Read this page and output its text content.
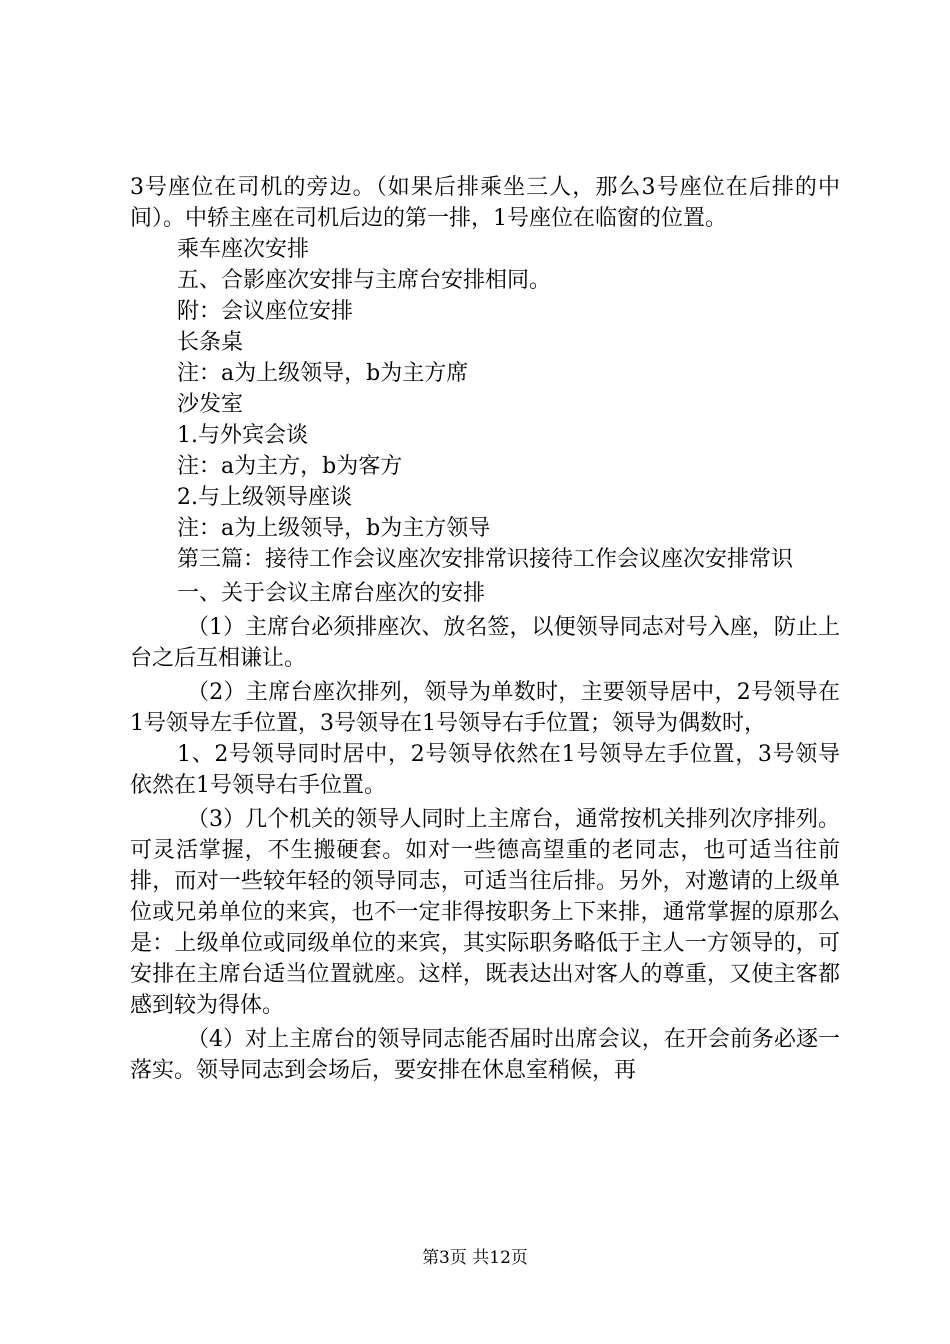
3号座位在司机的旁边。（如果后排乘坐三人，那么3号座位在后排的中间）。中轿主座在司机后边的第一排，1号座位在临窗的位置。

乘车座次安排

五、合影座次安排与主席台安排相同。

附：会议座位安排

长条桌

注：a为上级领导，b为主方席

沙发室

1.与外宾会谈

注：a为主方，b为客方

2.与上级领导座谈

注：a为上级领导，b为主方领导

第三篇：接待工作会议座次安排常识接待工作会议座次安排常识

一、关于会议主席台座次的安排

（1）主席台必须排座次、放名签，以便领导同志对号入座，防止上台之后互相谦让。

（2）主席台座次排列，领导为单数时，主要领导居中，2号领导在1号领导左手位置，3号领导在1号领导右手位置；领导为偶数时，

1、2号领导同时居中，2号领导依然在1号领导左手位置，3号领导依然在1号领导右手位置。

（3）几个机关的领导人同时上主席台，通常按机关排列次序排列。可灵活掌握，不生搬硬套。如对一些德高望重的老同志，也可适当往前排，而对一些较年轻的领导同志，可适当往后排。另外，对邀请的上级单位或兄弟单位的来宾，也不一定非得按职务上下来排，通常掌握的原那么是：上级单位或同级单位的来宾，其实际职务略低于主人一方领导的，可安排在主席台适当位置就座。这样，既表达出对客人的尊重，又使主客都感到较为得体。

（4）对上主席台的领导同志能否届时出席会议，在开会前务必逐一落实。领导同志到会场后，要安排在休息室稍候，再

第3页 共12页
